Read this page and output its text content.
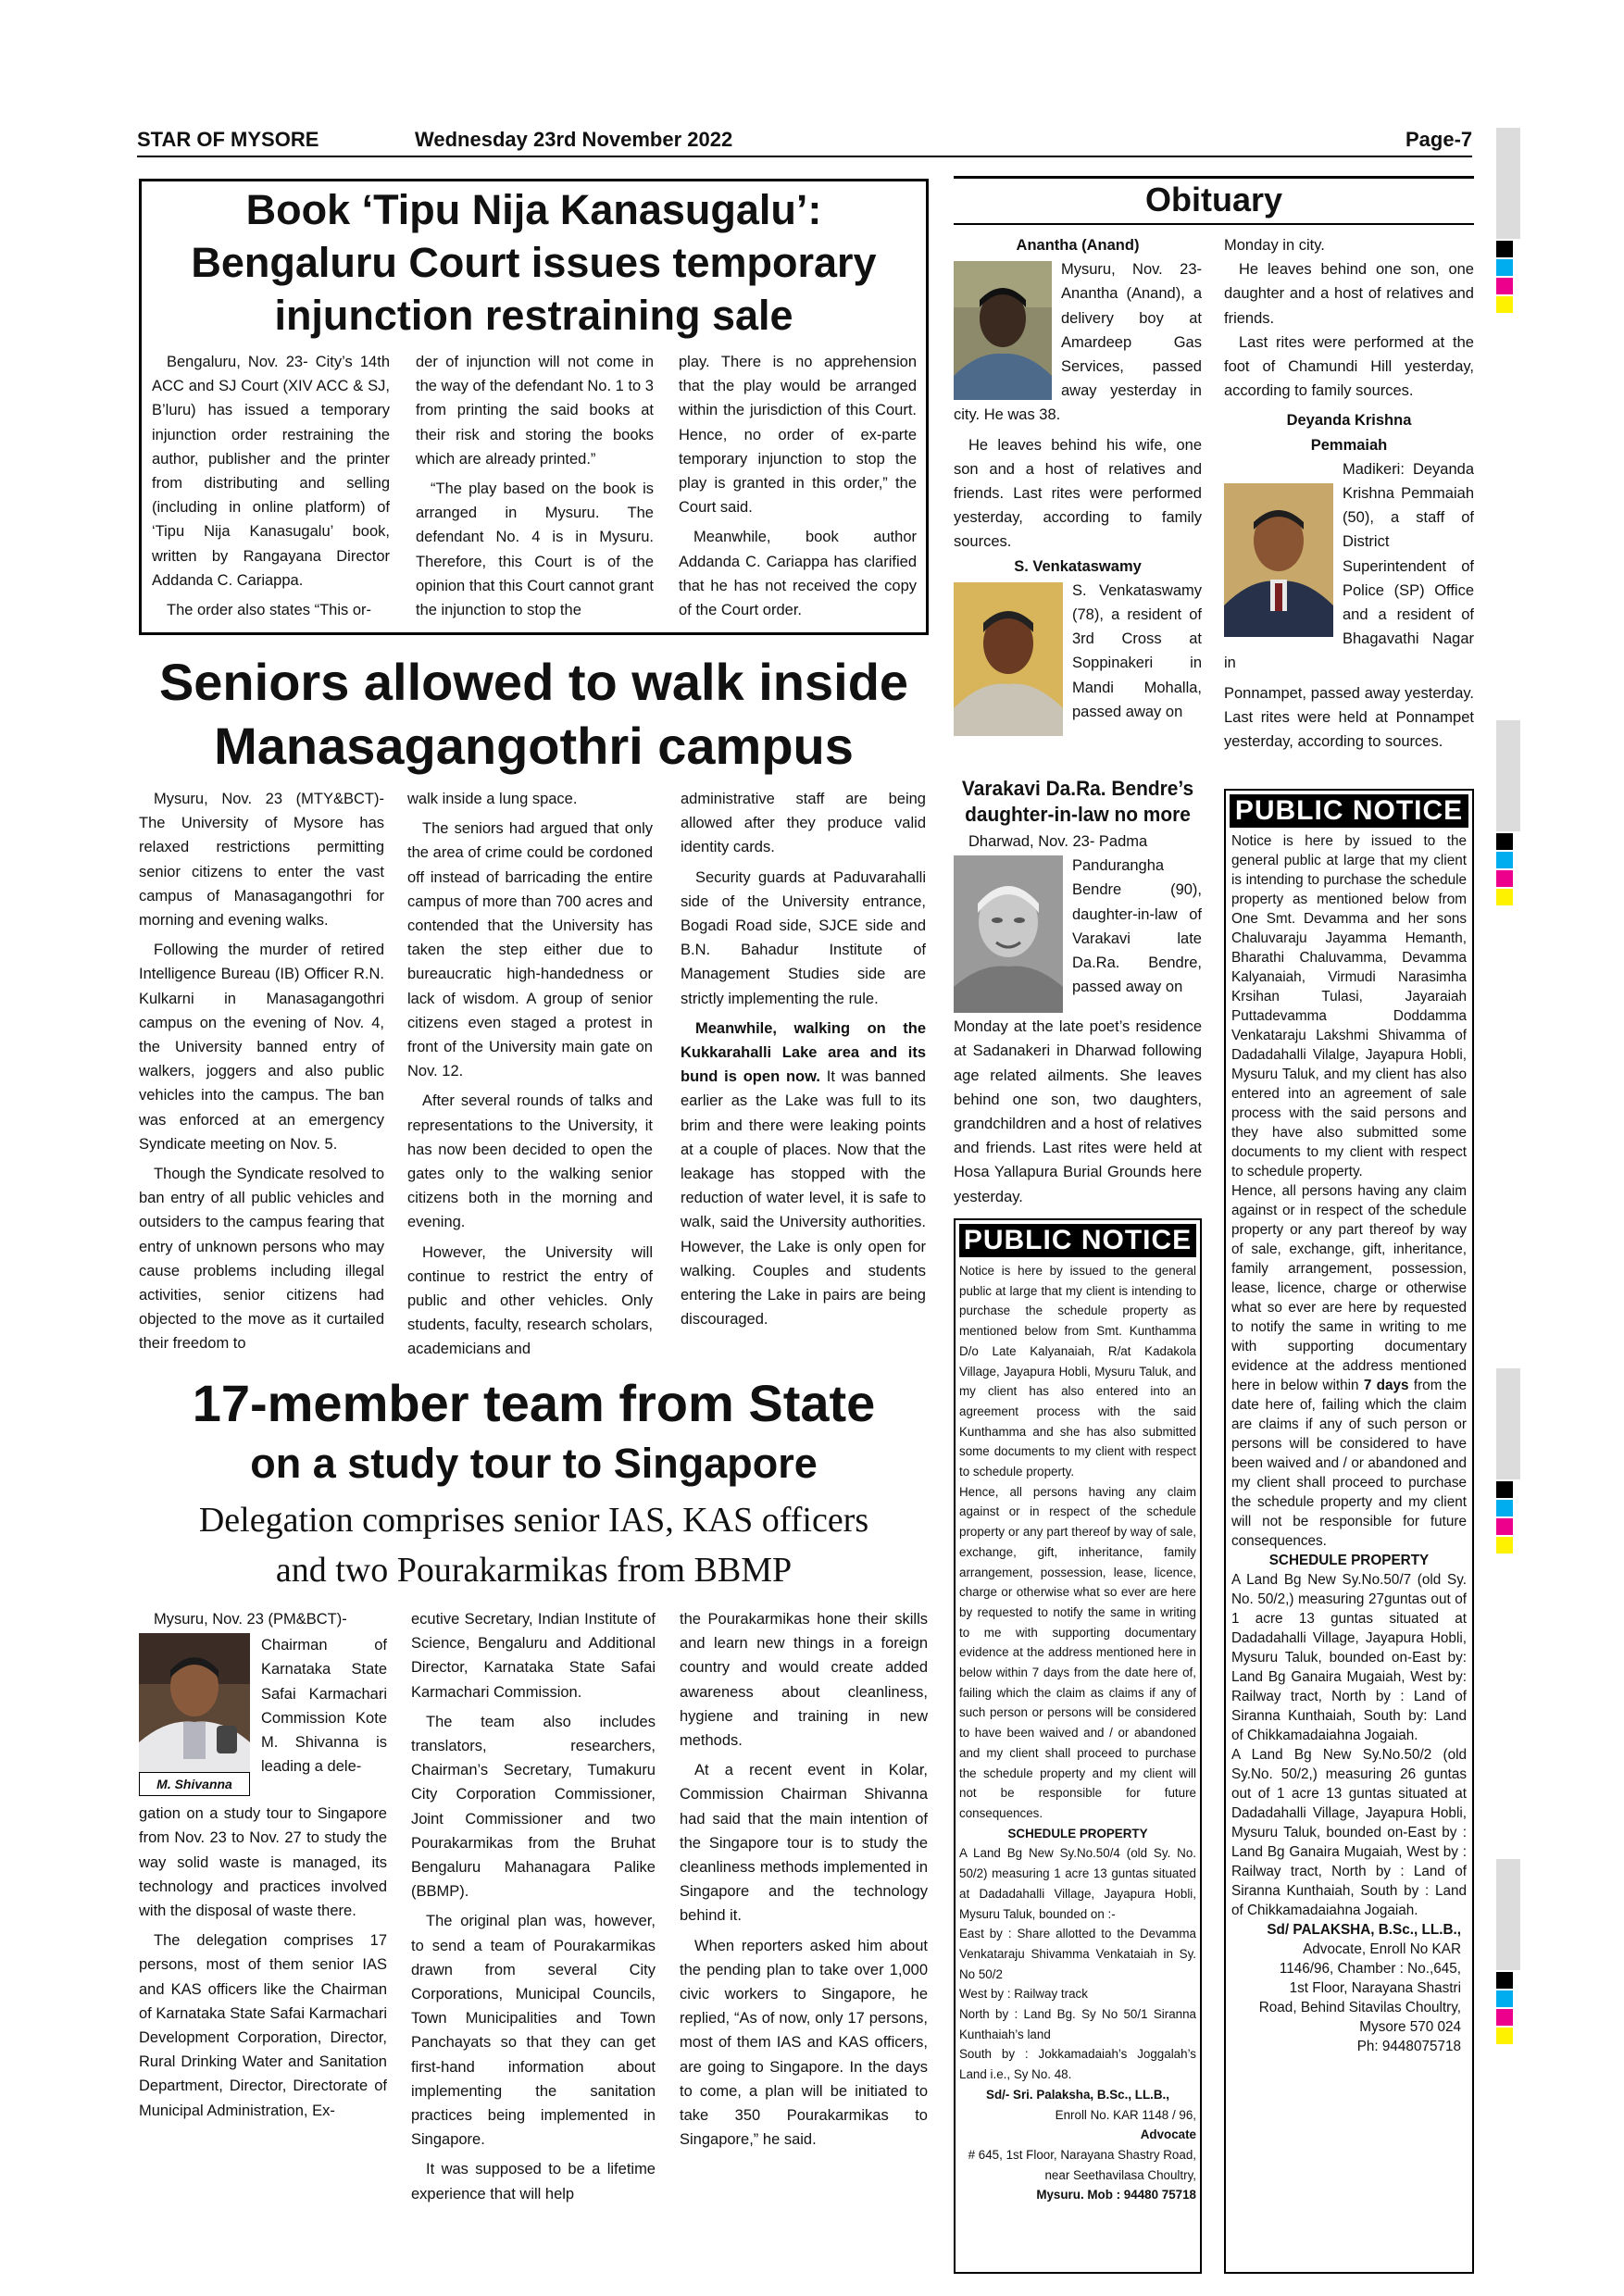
STAR OF MYSORE	Wednesday 23rd November 2022	Page-7
Book ‘Tipu Nija Kanasugalu’: Bengaluru Court issues temporary injunction restraining sale

Bengaluru, Nov. 23- City’s 14th ACC and SJ Court (XIV ACC & SJ, B’luru) has issued a temporary injunction order restraining the author, publisher and the printer from distributing and selling (including in online platform) of ‘Tipu Nija Kanasugalu’ book, written by Rangayana Director Addanda C. Cariappa.

The order also states “This or-

der of injunction will not come in the way of the defendant No. 1 to 3 from printing the said books at their risk and storing the books which are already printed.”

“The play based on the book is arranged in Mysuru. The defendant No. 4 is in Mysuru. Therefore, this Court is of the opinion that this Court cannot grant the injunction to stop the

play. There is no apprehension that the play would be arranged within the jurisdiction of this Court. Hence, no order of ex-parte temporary injunction to stop the play is granted in this order,” the Court said.

Meanwhile, book author Addanda C. Cariappa has clarified that he has not received the copy of the Court order.

Seniors allowed to walk inside Manasagangothri campus

Mysuru, Nov. 23 (MTY&BCT)- The University of Mysore has relaxed restrictions permitting senior citizens to enter the vast campus of Manasagangothri for morning and evening walks.

Following the murder of retired Intelligence Bureau (IB) Officer R.N. Kulkarni in Manasagangothri campus on the evening of Nov. 4, the University banned entry of walkers, joggers and also public vehicles into the campus. The ban was enforced at an emergency Syndicate meeting on Nov. 5.

Though the Syndicate resolved to ban entry of all public vehicles and outsiders to the campus fearing that entry of unknown persons who may cause problems including illegal activities, senior citizens had objected to the move as it curtailed their freedom to

walk inside a lung space.

The seniors had argued that only the area of crime could be cordoned off instead of barricading the entire campus of more than 700 acres and contended that the University has taken the step either due to bureaucratic high-handedness or lack of wisdom. A group of senior citizens even staged a protest in front of the University main gate on Nov. 12.

After several rounds of talks and representations to the University, it has now been decided to open the gates only to the walking senior citizens both in the morning and evening.

However, the University will continue to restrict the entry of public and other vehicles. Only students, faculty, research scholars, academicians and

administrative staff are being allowed after they produce valid identity cards.

Security guards at Paduvarahalli side of the University entrance, Bogadi Road side, SJCE side and B.N. Bahadur Institute of Management Studies side are strictly implementing the rule.

Meanwhile, walking on the Kukkarahalli Lake area and its bund is open now. It was banned earlier as the Lake was full to its brim and there were leaking points at a couple of places. Now that the leakage has stopped with the reduction of water level, it is safe to walk, said the University authorities. However, the Lake is only open for walking. Couples and students entering the Lake in pairs are being discouraged.

17-member team from State
on a study tour to Singapore
Delegation comprises senior IAS, KAS officers
and two Pourakarmikas from BBMP
Mysuru, Nov. 23 (PM&BCT)-
M. Shivanna

Chairman of Karnataka State Safai Karmachari Commission Kote M. Shivanna is leading a dele-

gation on a study tour to Singapore from Nov. 23 to Nov. 27 to study the way solid waste is managed, its technology and practices involved with the disposal of waste there.

The delegation comprises 17 persons, most of them senior IAS and KAS officers like the Chairman of Karnataka State Safai Karmachari Development Corporation, Director, Rural Drinking Water and Sanitation Department, Director, Directorate of Municipal Administration, Ex-

ecutive Secretary, Indian Institute of Science, Bengaluru and Additional Director, Karnataka State Safai Karmachari Commission.

The team also includes translators, researchers, Chairman’s Secretary, Tumakuru City Corporation Commissioner, Joint Commissioner and two Pourakarmikas from the Bruhat Bengaluru Mahanagara Palike (BBMP).

The original plan was, however, to send a team of Pourakarmikas drawn from several City Corporations, Municipal Councils, Town Municipalities and Town Panchayats so that they can get first-hand information about implementing the sanitation practices being implemented in Singapore.

It was supposed to be a lifetime experience that will help

the Pourakarmikas hone their skills and learn new things in a foreign country and would create added awareness about cleanliness, hygiene and training in new methods.

At a recent event in Kolar, Commission Chairman Shivanna had said that the main intention of the Singapore tour is to study the cleanliness methods implemented in Singapore and the technology behind it.

When reporters asked him about the pending plan to take over 1,000 civic workers to Singapore, he replied, “As of now, only 17 persons, most of them IAS and KAS officers, are going to Singapore. In the days to come, a plan will be initiated to take 350 Pourakarmikas to Singapore,” he said.

Obituary
Anantha (Anand)

Mysuru, Nov. 23- Anantha (Anand), a delivery boy at Amardeep Gas Services, passed away yesterday in city. He was 38.

He leaves behind his wife, one son and a host of relatives and friends. Last rites were performed yesterday, according to family sources.

S. Venkataswamy

S. Venkataswamy (78), a resident of 3rd Cross at Soppinakeri in Mandi Mohalla, passed away on

Monday in city.

He leaves behind one son, one daughter and a host of relatives and friends.

Last rites were performed at the foot of Chamundi Hill yesterday, according to family sources.

Deyanda Krishna
Pemmaiah

Madikeri: Deyanda Krishna Pemmaiah (50), a staff of District Superintendent of Police (SP) Office and a resident of Bhagavathi Nagar in

Ponnampet, passed away yesterday. Last rites were held at Ponnampet yesterday, according to sources.

Varakavi Da.Ra. Bendre’s daughter-in-law no more
Dharwad, Nov. 23- Padma

Pandurangha Bendre (90), daughter-in-law of Varakavi late Da.Ra. Bendre, passed away on

Monday at the late poet’s residence at Sadanakeri in Dharwad following age related ailments. She leaves behind one son, two daughters, grandchildren and a host of relatives and friends. Last rites were held at Hosa Yallapura Burial Grounds here yesterday.

PUBLIC NOTICE

Notice is here by issued to the general public at large that my client is intending to purchase the schedule property as mentioned below from Smt. Kunthamma D/o Late Kalyanaiah, R/at Kadakola Village, Jayapura Hobli, Mysuru Taluk, and my client has also entered into an agreement process with the said Kunthamma and she has also submitted some documents to my client with respect to schedule property.

Hence, all persons having any claim against or in respect of the schedule property or any part thereof by way of sale, exchange, gift, inheritance, family arrangement, possession, lease, licence, charge or otherwise what so ever are here by requested to notify the same in writing to me with supporting documentary evidence at the address mentioned here in below within 7 days from the date here of, failing which the claim as claims if any of such person or persons will be considered to have been waived and / or abandoned and my client shall proceed to purchase the schedule property and my client will not be responsible for future consequences.

SCHEDULE PROPERTY

A Land Bg New Sy.No.50/4 (old Sy. No. 50/2) measuring 1 acre 13 guntas situated at Dadadahalli Village, Jayapura Hobli, Mysuru Taluk, bounded on :-

East by : Share allotted to the Devamma Venkataraju Shivamma Venkataiah in Sy. No 50/2

West by : Railway track

North by : Land Bg. Sy No 50/1 Siranna Kunthaiah’s land

South by : Jokkamadaiah’s Joggalah’s Land i.e., Sy No. 48.

Sd/- Sri. Palaksha, B.Sc., LL.B.,
Enroll No. KAR 1148 / 96,
Advocate
# 645, 1st Floor, Narayana Shastry Road, near Seethavilasa Choultry,
Mysuru. Mob : 94480 75718
PUBLIC NOTICE

Notice is here by issued to the general public at large that my client is intending to purchase the schedule property as mentioned below from One Smt. Devamma and her sons Chaluvaraju Jayamma Hemanth, Bharathi Chaluvamma, Devamma Kalyanaiah, Virmudi Narasimha Krsihan Tulasi, Jayaraiah Puttadevamma Doddamma Venkataraju Lakshmi Shivamma of Dadadahalli Vilalge, Jayapura Hobli, Mysuru Taluk, and my client has also entered into an agreement of sale process with the said persons and they have also submitted some documents to my client with respect to schedule property.

Hence, all persons having any claim against or in respect of the schedule property or any part thereof by way of sale, exchange, gift, inheritance, family arrangement, possession, lease, licence, charge or otherwise what so ever are here by requested to notify the same in writing to me with supporting documentary evidence at the address mentioned here in below within 7 days from the date here of, failing which the claim are claims if any of such person or persons will be considered to have been waived and / or abandoned and my client shall proceed to purchase the schedule property and my client will not be responsible for future consequences.

SCHEDULE PROPERTY

A Land Bg New Sy.No.50/7 (old Sy. No. 50/2,) measuring 27guntas out of 1 acre 13 guntas situated at Dadadahalli Village, Jayapura Hobli, Mysuru Taluk, bounded on-East by: Land Bg Ganaira Mugaiah, West by: Railway tract, North by : Land of Siranna Kunthaiah, South by: Land of Chikkamadaiahna Jogaiah.

A Land Bg New Sy.No.50/2 (old Sy.No. 50/2,) measuring 26 guntas out of 1 acre 13 guntas situated at Dadadahalli Village, Jayapura Hobli, Mysuru Taluk, bounded on-East by : Land Bg Ganaira Mugaiah, West by : Railway tract, North by : Land of Siranna Kunthaiah, South by : Land of Chikkamadaiahna Jogaiah.

Sd/ PALAKSHA, B.Sc., LL.B.,
Advocate, Enroll No KAR
1146/96, Chamber : No.,645,
1st Floor, Narayana Shastri
Road, Behind Sitavilas Choultry,
Mysore 570 024
Ph: 9448075718
